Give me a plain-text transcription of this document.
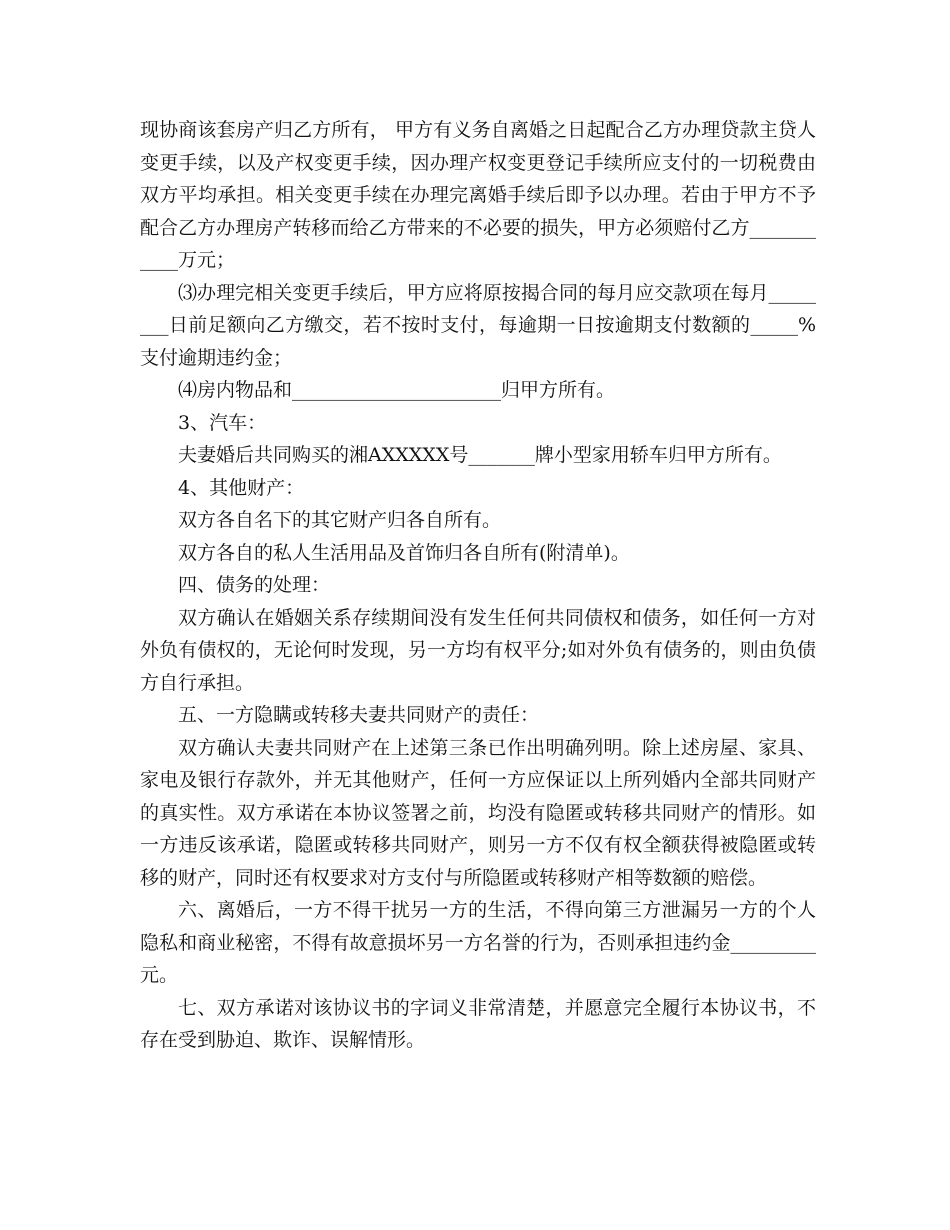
现协商该套房产归乙方所有， 甲方有义务自离婚之日起配合乙方办理贷款主贷人变更手续，以及产权变更手续，因办理产权变更登记手续所应支付的一切税费由双方平均承担。相关变更手续在办理完离婚手续后即予以办理。若由于甲方不予配合乙方办理房产转移而给乙方带来的不必要的损失，甲方必须赔付乙方___________万元；

⑶办理完相关变更手续后，甲方应将原按揭合同的每月应交款项在每月________日前足额向乙方缴交，若不按时支付，每逾期一日按逾期支付数额的_____%支付逾期违约金；

⑷房内物品和______________________归甲方所有。

3、汽车：

夫妻婚后共同购买的湘AXXXXX号_______牌小型家用轿车归甲方所有。

4、其他财产：

双方各自名下的其它财产归各自所有。

双方各自的私人生活用品及首饰归各自所有(附清单)。

四、债务的处理：

双方确认在婚姻关系存续期间没有发生任何共同债权和债务，如任何一方对外负有债权的，无论何时发现，另一方均有权平分;如对外负有债务的，则由负债方自行承担。

五、一方隐瞒或转移夫妻共同财产的责任：

双方确认夫妻共同财产在上述第三条已作出明确列明。除上述房屋、家具、家电及银行存款外，并无其他财产，任何一方应保证以上所列婚内全部共同财产的真实性。双方承诺在本协议签署之前，均没有隐匿或转移共同财产的情形。如一方违反该承诺，隐匿或转移共同财产，则另一方不仅有权全额获得被隐匿或转移的财产，同时还有权要求对方支付与所隐匿或转移财产相等数额的赔偿。

六、离婚后，一方不得干扰另一方的生活，不得向第三方泄漏另一方的个人隐私和商业秘密，不得有故意损坏另一方名誉的行为，否则承担违约金_________元。

七、双方承诺对该协议书的字词义非常清楚，并愿意完全履行本协议书，不存在受到胁迫、欺诈、误解情形。
